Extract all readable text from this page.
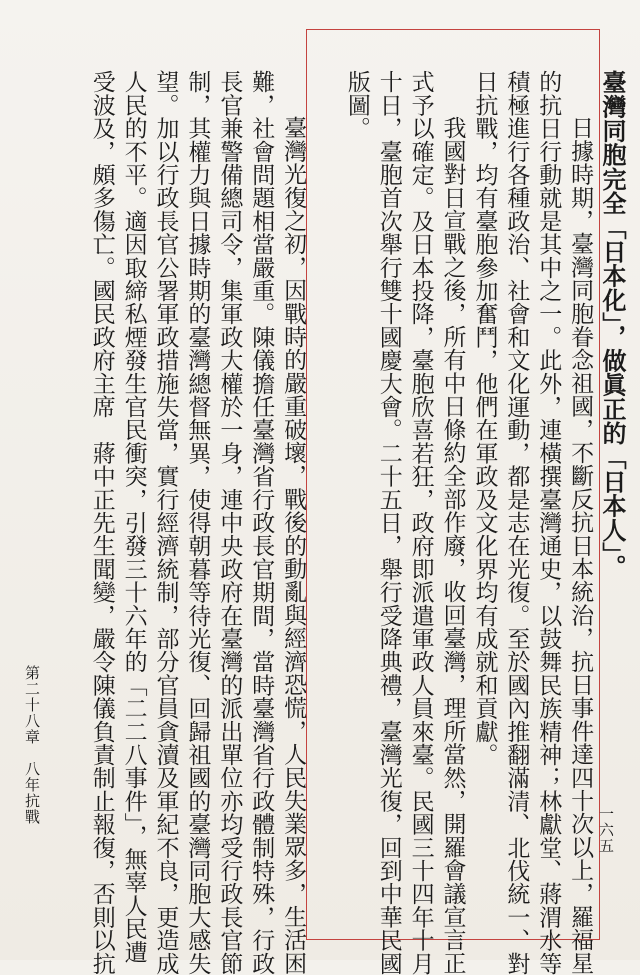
臺灣同胞完全「日本化」，做眞正的「日本人」。
日據時期，臺灣同胞眷念祖國，不斷反抗日本統治，抗日事件達四十次以上，羅福星
的抗日行動就是其中之一。此外，連橫撰臺灣通史，以鼓舞民族精神；林獻堂、蔣渭水等
積極進行各種政治、社會和文化運動，都是志在光復。至於國內推翻滿清、北伐統一、對
日抗戰，均有臺胞參加奮鬥，他們在軍政及文化界均有成就和貢獻。
我國對日宣戰之後，所有中日條約全部作廢，收回臺灣，理所當然，開羅會議宣言正
式予以確定。及日本投降，臺胞欣喜若狂，政府即派遣軍政人員來臺。民國三十四年十月
十日，臺胞首次舉行雙十國慶大會。二十五日，舉行受降典禮，臺灣光復，回到中華民國
版圖。
臺灣光復之初，因戰時的嚴重破壞，戰後的動亂與經濟恐慌，人民失業眾多，生活困
難，社會問題相當嚴重。陳儀擔任臺灣省行政長官期間，當時臺灣省行政體制特殊，行政
長官兼警備總司令，集軍政大權於一身，連中央政府在臺灣的派出單位亦均受行政長官節
制，其權力與日據時期的臺灣總督無異，使得朝暮等待光復、回歸祖國的臺灣同胞大感失
望。加以行政長官公署軍政措施失當，實行經濟統制，部分官員貪瀆及軍紀不良，更造成
人民的不平。適因取締私煙發生官民衝突，引發三十六年的「二二八事件」，無辜人民遭
受波及，頗多傷亡。國民政府主席　蔣中正先生聞變，嚴令陳儀負責制止報復，否則以抗
第二十八章　八年抗戰
一六五
